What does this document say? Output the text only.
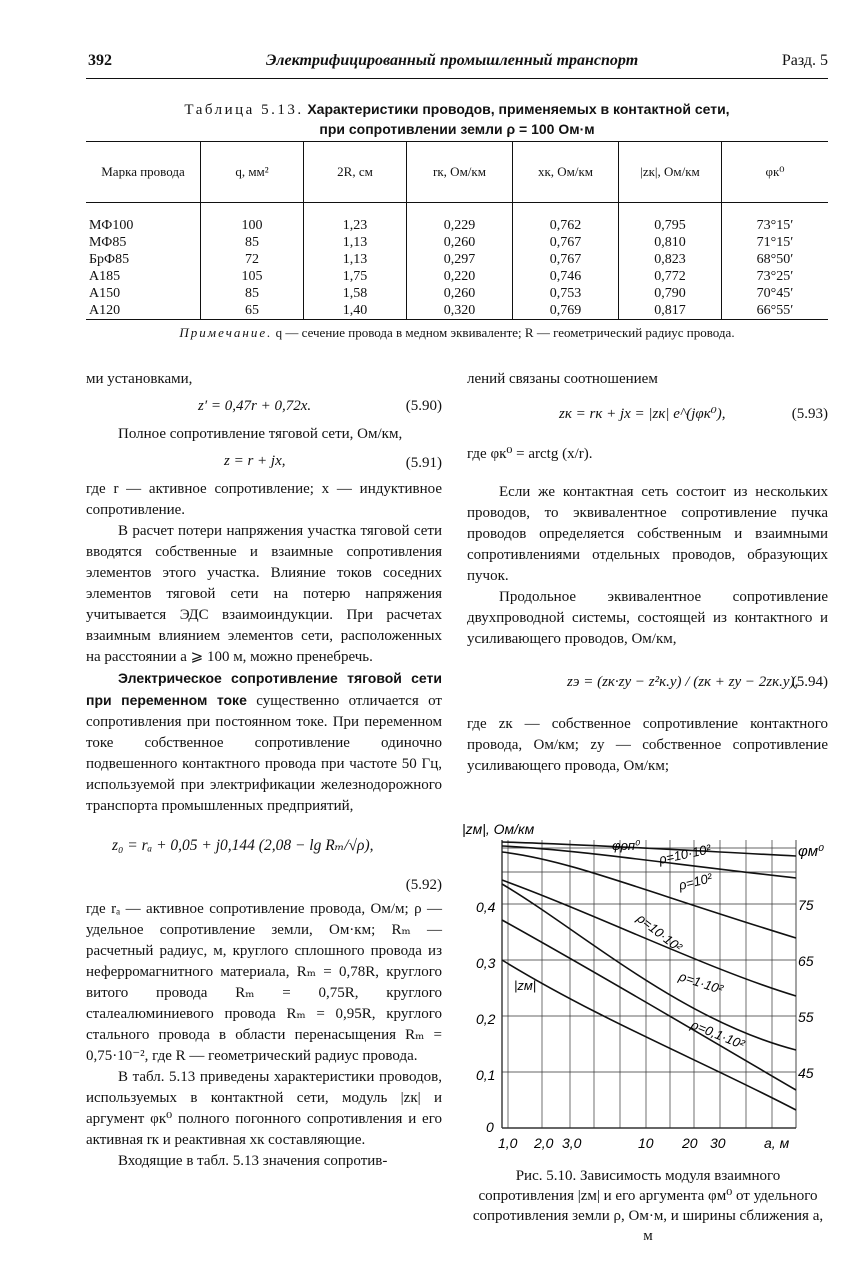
392	Электрифицированный промышленный транспорт	Разд. 5
Таблица 5.13. Характеристики проводов, применяемых в контактной сети,
при сопротивлении земли ρ = 100 Ом·м
Марка провода	q, мм²	2R, см	rк, Ом/км	xк, Ом/км	|zк|, Ом/км	φк⁰

МФ100	100	1,23	0,229	0,762	0,795	73°15′
МФ85	85	1,13	0,260	0,767	0,810	71°15′
БрФ85	72	1,13	0,297	0,767	0,823	68°50′
А185	105	1,75	0,220	0,746	0,772	73°25′
А150	85	1,58	0,260	0,753	0,790	70°45′
А120	65	1,40	0,320	0,769	0,817	66°55′
Примечание. q — сечение провода в медном эквиваленте; R — геометрический радиус провода.

ми установками,

z′ = 0,47r + 0,72x.	(5.90)

Полное сопротивление тяговой сети, Ом/км,

z = r + jx,	(5.91)

где r — активное сопротивление; x — индуктивное сопротивление.

В расчет потери напряжения участка тяговой сети вводятся собственные и взаимные сопротивления элементов этого участка. Влияние токов соседних элементов тяговой сети на потерю напряжения учитывается ЭДС взаимоиндукции. При расчетах взаимным влиянием элементов сети, расположенных на расстоянии a ⩾ 100 м, можно пренебречь.

Электрическое сопротивление тяговой сети при переменном токе существенно отличается от сопротивления при постоянном токе. При переменном токе собственное сопротивление одиночно подвешенного контактного провода при частоте 50 Гц, используемой при электрификации железнодорожного транспорта промышленных предприятий,

z₀ = rₐ + 0,05 + j0,144 (2,08 − lg Rₘ/√ρ),
(5.92)

где rₐ — активное сопротивление провода, Ом/м; ρ — удельное сопротивление земли, Ом·км; Rₘ — расчетный радиус, м, круглого сплошного провода из неферромагнитного материала, Rₘ = 0,78R, круглого витого провода Rₘ = 0,75R, круглого сталеалюминиевого провода Rₘ = 0,95R, круглого стального провода в области перенасыщения Rₘ = 0,75·10⁻², где R — геометрический радиус провода.

В табл. 5.13 приведены характеристики проводов, используемых в контактной сети, модуль |zк| и аргумент φк⁰ полного погонного сопротивления и его активная rк и реактивная xк составляющие.

Входящие в табл. 5.13 значения сопротив-

лений связаны соотношением

zк = rк + jx = |zк| e^(jφк⁰),	(5.93)
где φк⁰ = arctg (x/r).

Если же контактная сеть состоит из нескольких проводов, то эквивалентное сопротивление пучка проводов определяется собственным и взаимными сопротивлениями отдельных проводов, образующих пучок.

Продольное эквивалентное сопротивление двухпроводной системы, состоящей из контактного и усиливающего проводов, Ом/км,

zэ = (zк·zу − z²к.у) / (zк + zу − 2zк.у),
(5.94)

где zк — собственное сопротивление контактного провода, Ом/км; zу — собственное сопротивление усиливающего провода, Ом/км;

|zм|, Ом/км
φм⁰
φρп⁰
|zм|
a, м
1,0 2,0 3,0	10 20 30
0,4
0,3
0,2
0,1
0
75
65
55
45
ρ=10·10²
ρ=10²
ρ=10·10²
ρ=1·10²
ρ=0,1·10²
Рис. 5.10. Зависимость модуля взаимного сопротивления |zм| и его аргумента φм⁰ от удельного сопротивления земли ρ, Ом·м, и ширины сближения a, м
